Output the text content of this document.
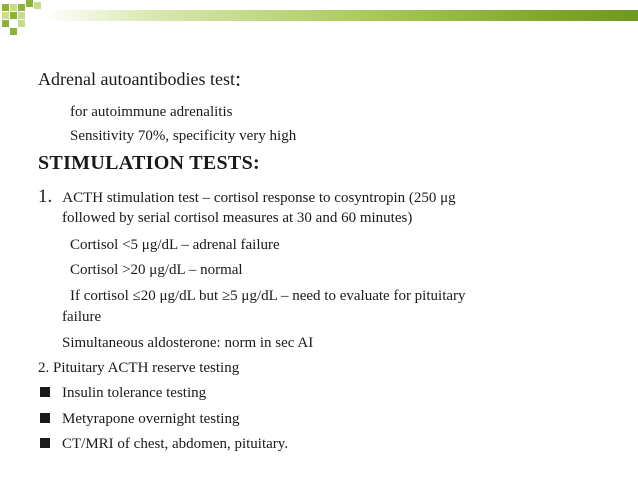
Adrenal autoantibodies test:
for autoimmune adrenalitis
Sensitivity 70%, specificity very high
STIMULATION TESTS:
1. ACTH stimulation test – cortisol response to cosyntropin (250 μg
followed by serial cortisol measures at 30 and 60 minutes)
Cortisol <5 μg/dL – adrenal failure
Cortisol >20 μg/dL – normal
If cortisol ≤20 μg/dL but ≥5 μg/dL – need to evaluate for pituitary
failure
Simultaneous aldosterone: norm in sec AI
2. Pituitary ACTH reserve testing
Insulin tolerance testing
Metyrapone overnight testing
CT/MRI of chest, abdomen, pituitary.
